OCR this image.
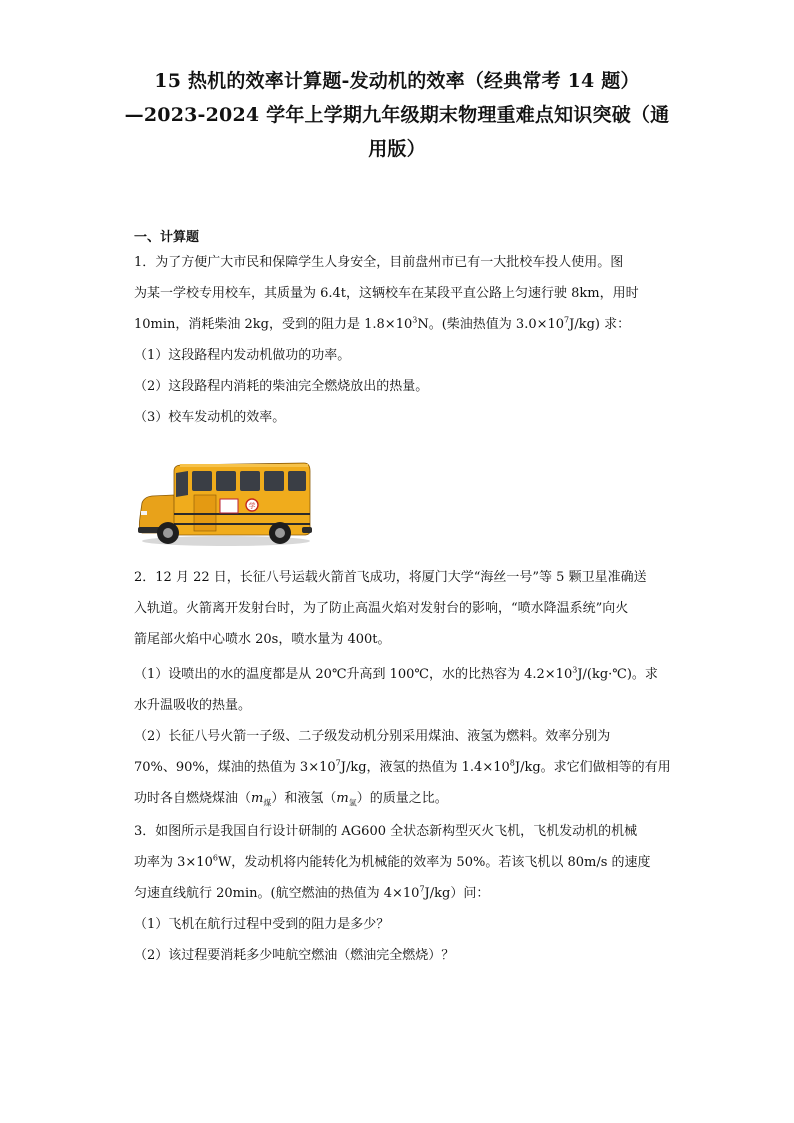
15 热机的效率计算题-发动机的效率（经典常考 14 题）
—2023-2024 学年上学期九年级期末物理重难点知识突破（通
用版）
一、计算题
1．为了方便广大市民和保障学生人身安全，目前盘州市已有一大批校车投人使用。图
为某一学校专用校车，其质量为 6.4t，这辆校车在某段平直公路上匀速行驶 8km，用时
10min，消耗柴油 2kg，受到的阻力是 $1.8\times 10^3N$。(柴油热值为 $3.0\times 10^7J/kg$) 求：
（1）这段路程内发动机做功的功率。
（2）这段路程内消耗的柴油完全燃烧放出的热量。
（3）校车发动机的效率。
学
2．12 月 22 日，长征八号运载火箭首飞成功，将厦门大学“海丝一号”等 5 颗卫星准确送
入轨道。火箭离开发射台时，为了防止高温火焰对发射台的影响，“喷水降温系统”向火
箭尾部火焰中心喷水 20s，喷水量为 400t。
（1）设喷出的水的温度都是从 20℃升高到 100℃，水的比热容为 $4.2\times 10^3J/(kg\cdot℃)$。求
水升温吸收的热量。
（2）长征八号火箭一子级、二子级发动机分别采用煤油、液氢为燃料。效率分别为
70%、90%，煤油的热值为 $3\times 10^7J/kg$，液氢的热值为 $1.4\times 10^8J/kg$。求它们做相等的有用
功时各自燃烧煤油$(m_煤)$和液氢$(m_氢)$的质量之比。
3．如图所示是我国自行设计研制的 AG600 全状态新构型灭火飞机，飞机发动机的机械
功率为 $3\times 10^6W$，发动机将内能转化为机械能的效率为 50%。若该飞机以 80m/s 的速度
匀速直线航行 20min。(航空燃油的热值为 $4\times 10^7J/kg$）问：
（1）飞机在航行过程中受到的阻力是多少？
（2）该过程要消耗多少吨航空燃油（燃油完全燃烧）？
